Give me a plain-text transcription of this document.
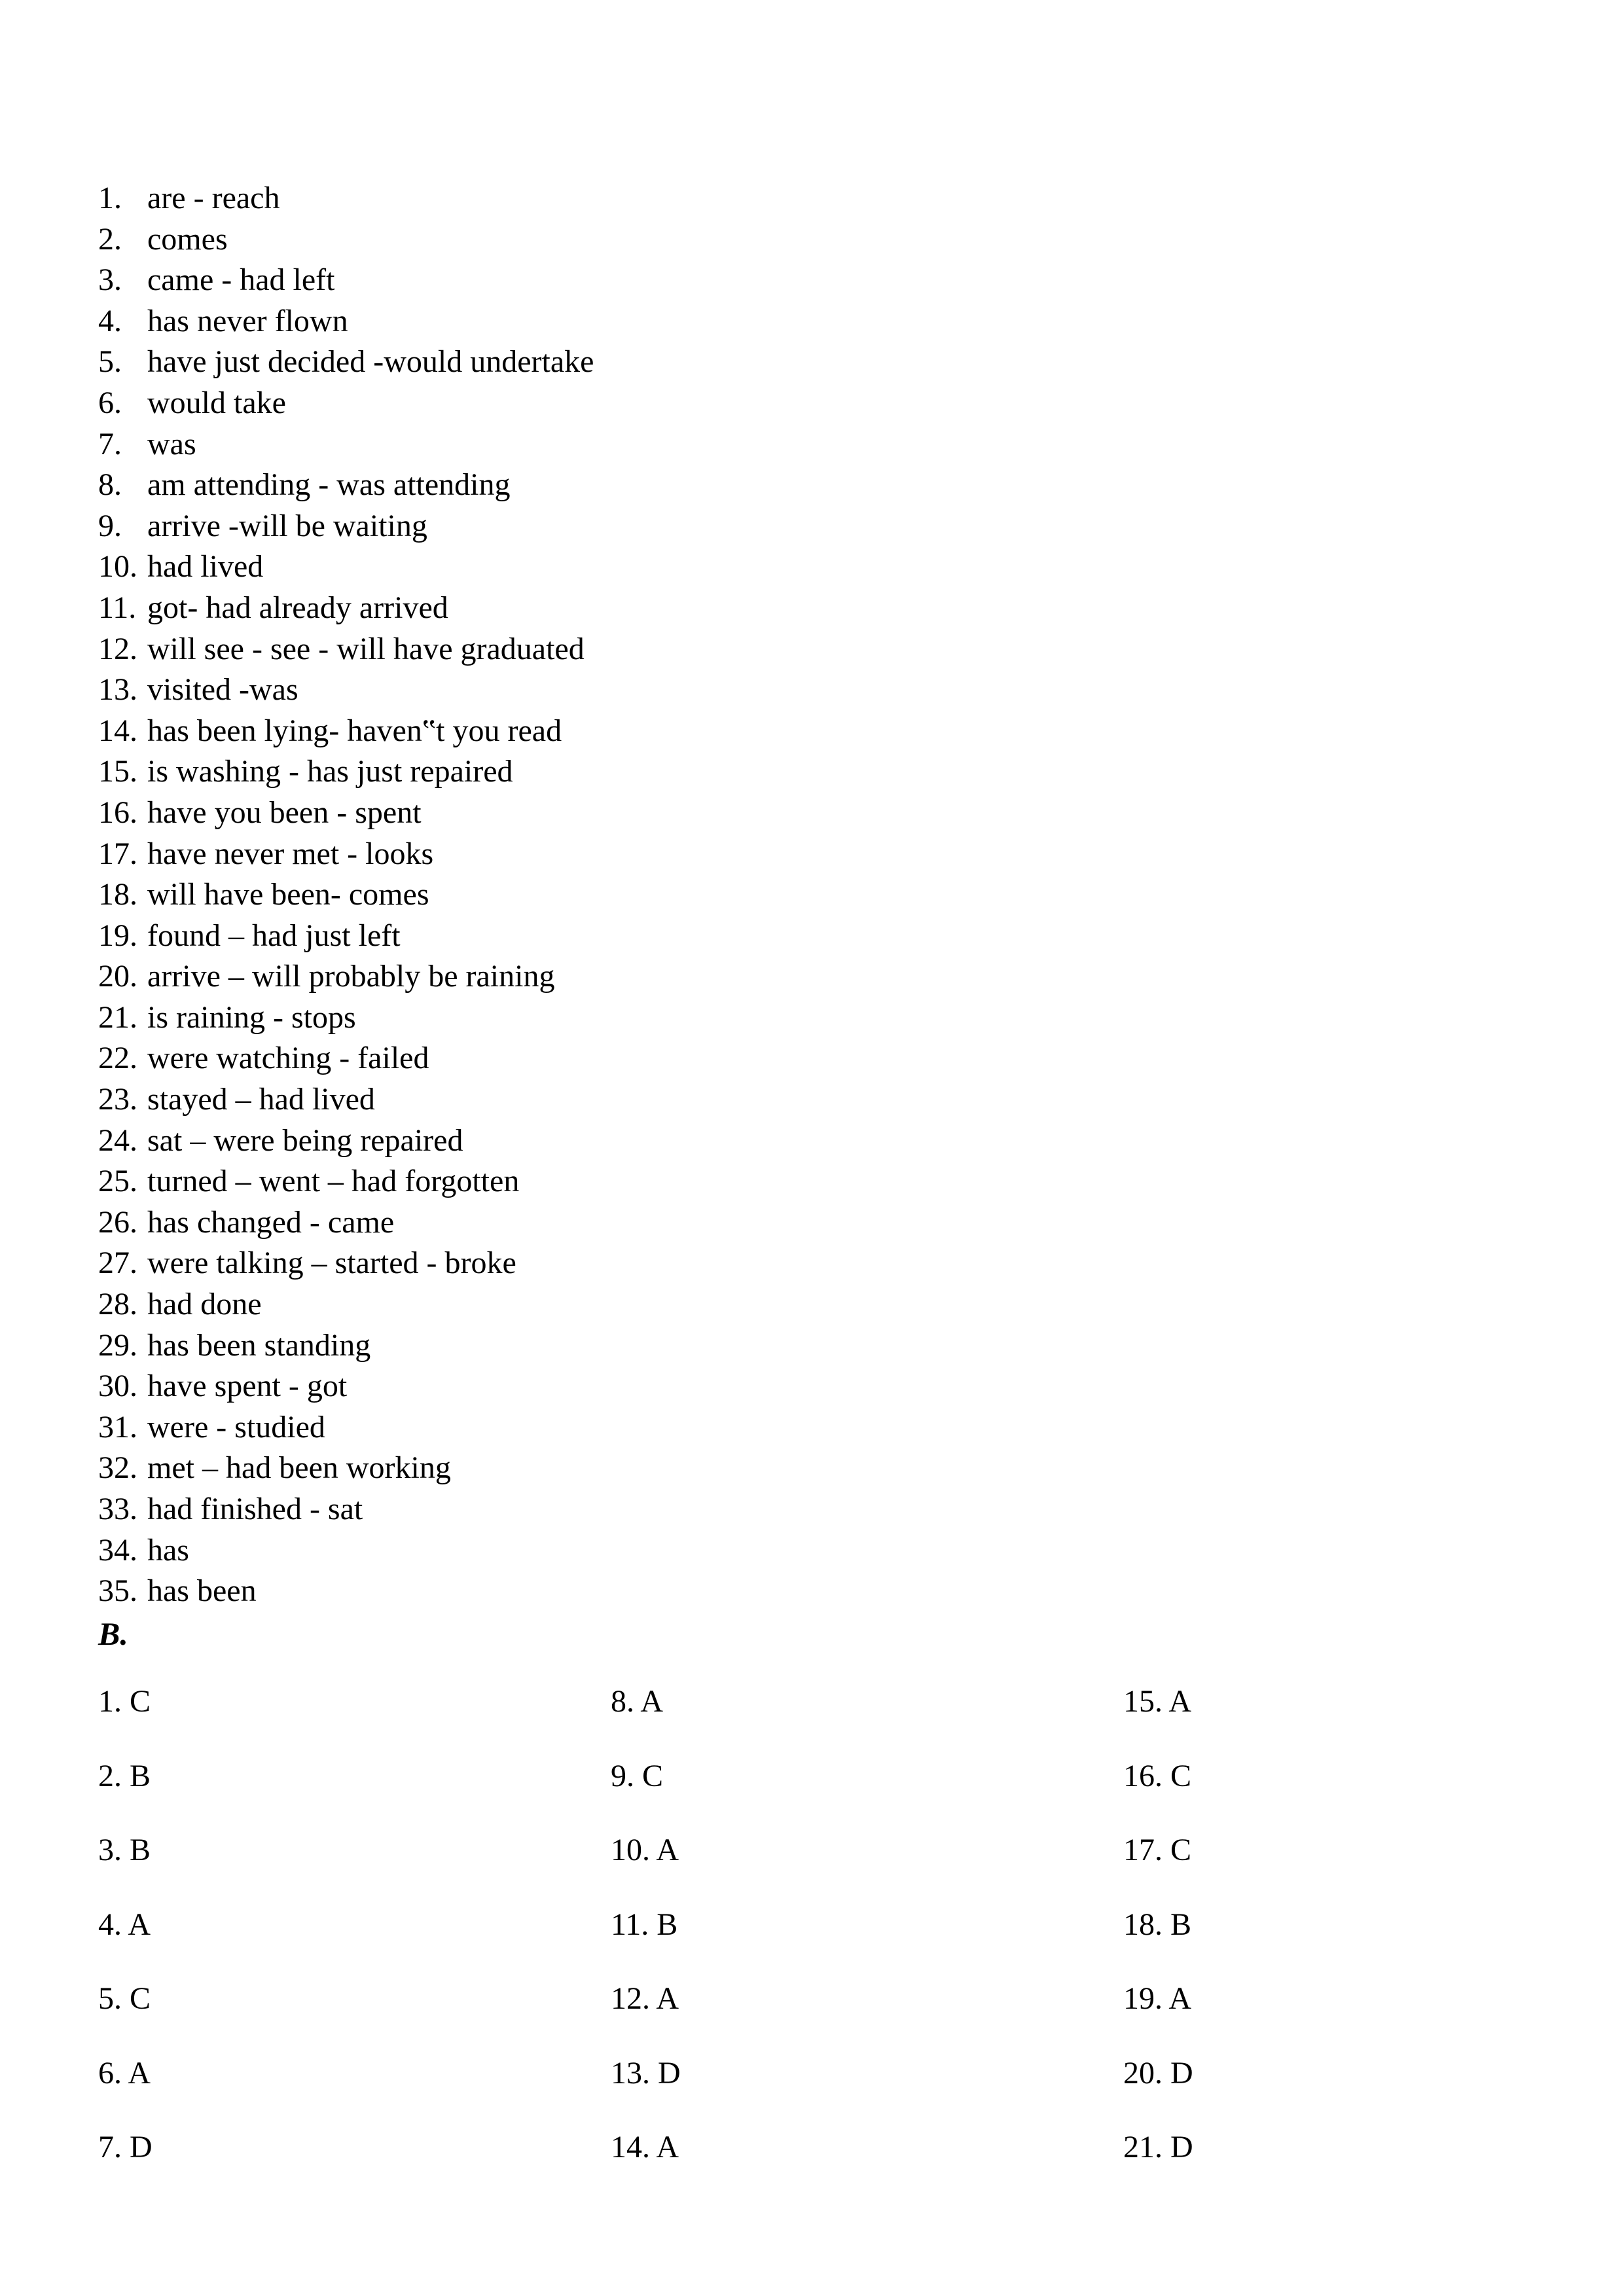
1. are - reach
2. comes
3. came - had left
4. has never flown
5. have just decided -would undertake
6. would take
7. was
8. am attending - was attending
9. arrive -will be waiting
10. had lived
11. got- had already arrived
12. will see - see - will have graduated
13. visited -was
14. has been lying- haven‟t you read
15. is washing - has just repaired
16. have you been - spent
17. have never met - looks
18. will have been- comes
19. found – had just left
20. arrive – will probably be raining
21. is raining - stops
22. were watching - failed
23. stayed – had lived
24. sat – were being repaired
25. turned – went – had forgotten
26. has changed - came
27. were talking – started - broke
28. had done
29. has been standing
30. have spent - got
31. were - studied
32. met – had been working
33. had finished - sat
34. has
35. has been
B.
1. C	8. A	15. A
2. B	9. C	16. C
3. B	10. A	17. C
4. A	11. B	18. B
5. C	12. A	19. A
6. A	13. D	20. D
7. D	14. A	21. D
